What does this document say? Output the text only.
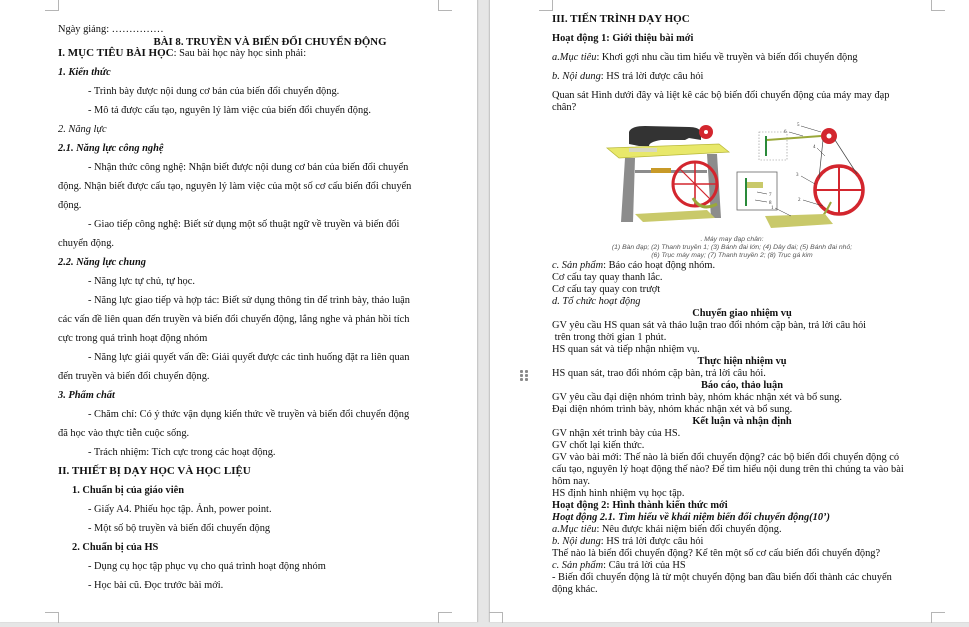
Ngày giảng: ……………
BÀI 8. TRUYỀN VÀ BIẾN ĐỔI CHUYỂN ĐỘNG
I. MỤC TIÊU BÀI HỌC: Sau bài học này học sinh phải:
1. Kiến thức
- Trình bày được nội dung cơ bản của biến đổi chuyển động.
- Mô tả được cấu tạo, nguyên lý làm việc của biến đổi chuyển động.
2. Năng lực
2.1. Năng lực công nghệ
- Nhận thức công nghệ: Nhận biết được nội dung cơ bản của biến đổi chuyển
động. Nhận biết được cấu tạo, nguyên lý làm việc của một số cơ cấu biến đổi chuyển
động.
- Giao tiếp công nghệ: Biết sử dụng một số thuật ngữ về truyền và biến đổi
chuyển động.
2.2. Năng lực chung
- Năng lực tự chủ, tự học.
- Năng lực giao tiếp và hợp tác: Biết sử dụng thông tin để trình bày, thảo luận
các vấn đề liên quan đến truyền và biến đổi chuyển động, lắng nghe và phản hồi tích
cực trong quá trình hoạt động nhóm
- Năng lực giải quyết vấn đề: Giải quyết được các tình huống đặt ra liên quan
đến truyền và biến đổi chuyển động.
3. Phẩm chất
- Chăm chỉ: Có ý thức vận dụng kiến thức về truyền và biến đổi chuyển động
đã học vào thực tiễn cuộc sống.
- Trách nhiệm: Tích cực trong các hoạt động.
II. THIẾT BỊ DẠY HỌC VÀ HỌC LIỆU
1. Chuẩn bị của giáo viên
- Giấy A4. Phiếu học tập. Ảnh, power point.
- Một số bộ truyền và biến đổi chuyển động
2. Chuẩn bị của HS
- Dụng cụ học tập phục vụ cho quá trình hoạt động nhóm
- Học bài cũ. Đọc trước bài mới.
III. TIẾN TRÌNH DẠY HỌC
Hoạt động 1: Giới thiệu bài mới
a.Mục tiêu: Khơi gợi nhu cầu tìm hiểu về truyền và biến đổi chuyển động
b. Nội dung: HS trả lời được câu hỏi
Quan sát Hình dưới đây và liệt kê các bộ biến đổi chuyển động của máy may đạp
chân?
7
8
5
6
4
3
2
1
. Máy may đạp chân:
(1) Bàn đạp; (2) Thanh truyền 1; (3) Bánh đai lớn; (4) Dây đai; (5) Bánh đai nhỏ;
(6) Trục máy may; (7) Thanh truyền 2; (8) Trục gá kim
c. Sản phẩm: Báo cáo hoạt động nhóm.
Cơ cấu tay quay thanh lắc.
Cơ cấu tay quay con trượt
d. Tổ chức hoạt động
Chuyển giao nhiệm vụ
GV yêu cầu HS quan sát và thảo luận trao đổi nhóm cặp bàn, trả lời câu hỏi
trên trong thời gian 1 phút.
HS quan sát và tiếp nhận nhiệm vụ.
Thực hiện nhiệm vụ
HS quan sát, trao đổi nhóm cặp bàn, trả lời câu hỏi.
Báo cáo, thảo luận
GV yêu cầu đại diện nhóm trình bày, nhóm khác nhận xét và bổ sung.
Đại diện nhóm trình bày, nhóm khác nhận xét và bổ sung.
Kết luận và nhận định
GV nhận xét trình bày của HS.
GV chốt lại kiến thức.
GV vào bài mới: Thế nào là biến đổi chuyển động? các bộ biến đổi chuyển động có
cấu tạo, nguyên lý hoạt động thế nào? Để tìm hiểu nội dung trên thì chúng ta vào bài
hôm nay.
HS định hình nhiệm vụ học tập.
Hoạt động 2: Hình thành kiến thức mới
Hoạt động 2.1. Tìm hiểu về khái niệm biến đổi chuyển động(10’)
a.Mục tiêu: Nêu được khái niệm biến đổi chuyển động.
b. Nội dung: HS trả lời được câu hỏi
Thế nào là biến đổi chuyển động? Kể tên một số cơ cấu biến đổi chuyển động?
c. Sản phẩm: Câu trả lời của HS
- Biến đổi chuyển động là từ một chuyển động ban đầu biến đổi thành các chuyển
động khác.
